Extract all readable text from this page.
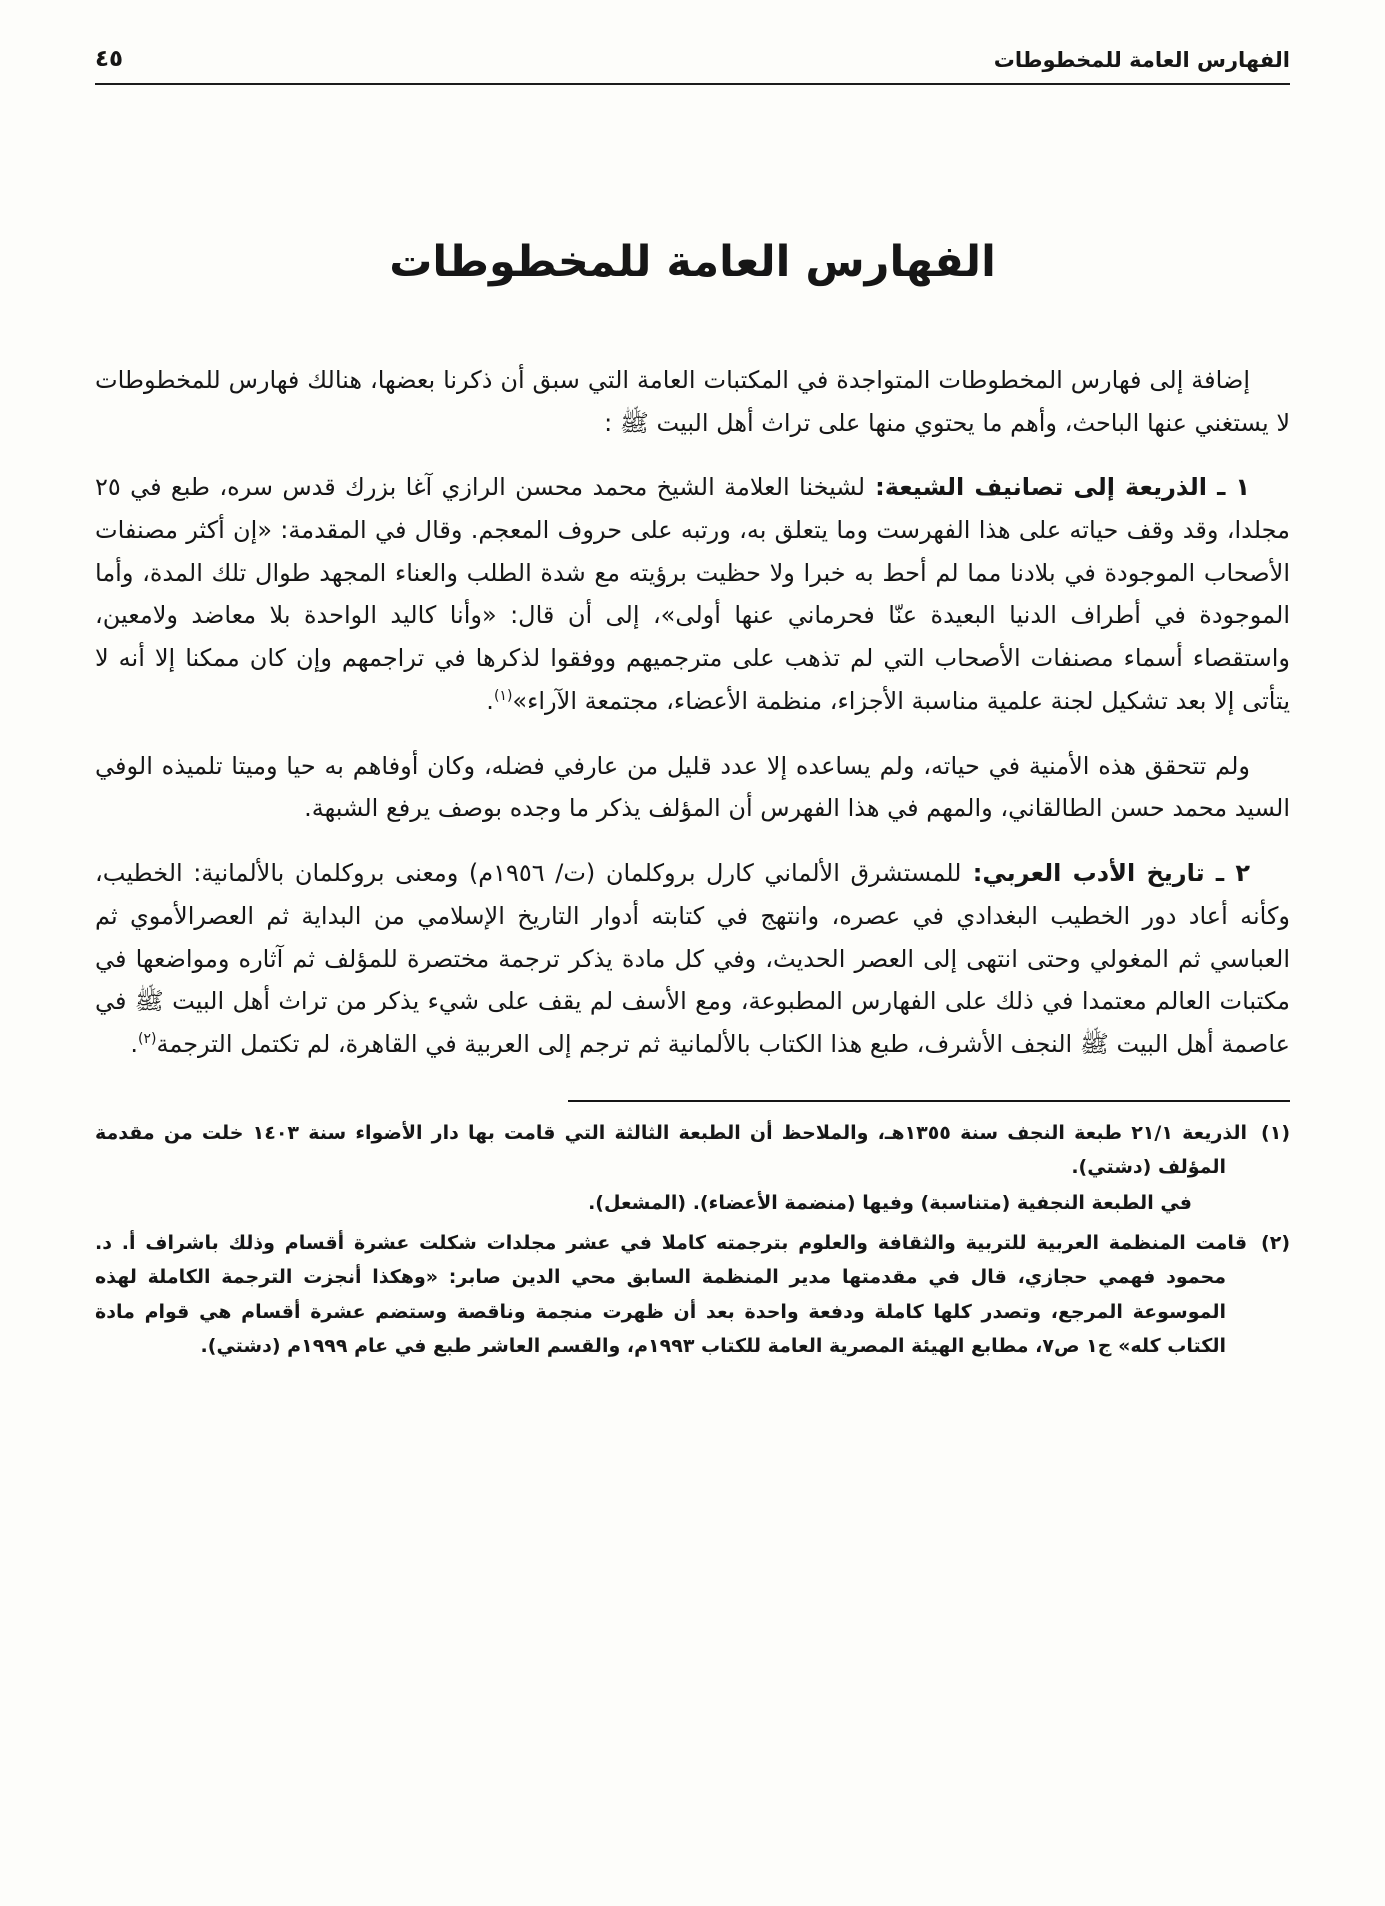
الفهارس العامة للمخطوطات
٤٥
الفهارس العامة للمخطوطات

إضافة إلى فهارس المخطوطات المتواجدة في المكتبات العامة التي سبق أن ذكرنا بعضها، هنالك فهارس للمخطوطات لا يستغني عنها الباحث، وأهم ما يحتوي منها على تراث أهل البيت ﷺ :

١ ـ الذريعة إلى تصانيف الشيعة: لشيخنا العلامة الشيخ محمد محسن الرازي آغا بزرك قدس سره، طبع في ٢٥ مجلدا، وقد وقف حياته على هذا الفهرست وما يتعلق به، ورتبه على حروف المعجم. وقال في المقدمة: «إن أكثر مصنفات الأصحاب الموجودة في بلادنا مما لم أحط به خبرا ولا حظيت برؤيته مع شدة الطلب والعناء المجهد طوال تلك المدة، وأما الموجودة في أطراف الدنيا البعيدة عنّا فحرماني عنها أولى»، إلى أن قال: «وأنا كاليد الواحدة بلا معاضد ولامعين، واستقصاء أسماء مصنفات الأصحاب التي لم تذهب على مترجميهم ووفقوا لذكرها في تراجمهم وإن كان ممكنا إلا أنه لا يتأتى إلا بعد تشكيل لجنة علمية مناسبة الأجزاء، منظمة الأعضاء، مجتمعة الآراء»$^{(١)}$.

ولم تتحقق هذه الأمنية في حياته، ولم يساعده إلا عدد قليل من عارفي فضله، وكان أوفاهم به حيا وميتا تلميذه الوفي السيد محمد حسن الطالقاني، والمهم في هذا الفهرس أن المؤلف يذكر ما وجده بوصف يرفع الشبهة.

٢ ـ تاريخ الأدب العربي: للمستشرق الألماني كارل بروكلمان (ت/ ١٩٥٦م) ومعنى بروكلمان بالألمانية: الخطيب، وكأنه أعاد دور الخطيب البغدادي في عصره، وانتهج في كتابته أدوار التاريخ الإسلامي من البداية ثم العصرالأموي ثم العباسي ثم المغولي وحتى انتهى إلى العصر الحديث، وفي كل مادة يذكر ترجمة مختصرة للمؤلف ثم آثاره ومواضعها في مكتبات العالم معتمدا في ذلك على الفهارس المطبوعة، ومع الأسف لم يقف على شيء يذكر من تراث أهل البيت ﷺ في عاصمة أهل البيت ﷺ النجف الأشرف، طبع هذا الكتاب بالألمانية ثم ترجم إلى العربية في القاهرة، لم تكتمل الترجمة$^{(٢)}$.

(١)الذريعة ٢١/١ طبعة النجف سنة ١٣٥٥هـ، والملاحظ أن الطبعة الثالثة التي قامت بها دار الأضواء سنة ١٤٠٣ خلت من مقدمة المؤلف (دشتي).
في الطبعة النجفية (متناسبة) وفيها (منضمة الأعضاء). (المشعل).
(٢)قامت المنظمة العربية للتربية والثقافة والعلوم بترجمته كاملا في عشر مجلدات شكلت عشرة أقسام وذلك باشراف أ. د. محمود فهمي حجازي، قال في مقدمتها مدير المنظمة السابق محي الدين صابر: «وهكذا أنجزت الترجمة الكاملة لهذه الموسوعة المرجع، وتصدر كلها كاملة ودفعة واحدة بعد أن ظهرت منجمة وناقصة وستضم عشرة أقسام هي قوام مادة الكتاب كله» ج١ ص٧، مطابع الهيئة المصرية العامة للكتاب ١٩٩٣م، والقسم العاشر طبع في عام ١٩٩٩م (دشتي).
